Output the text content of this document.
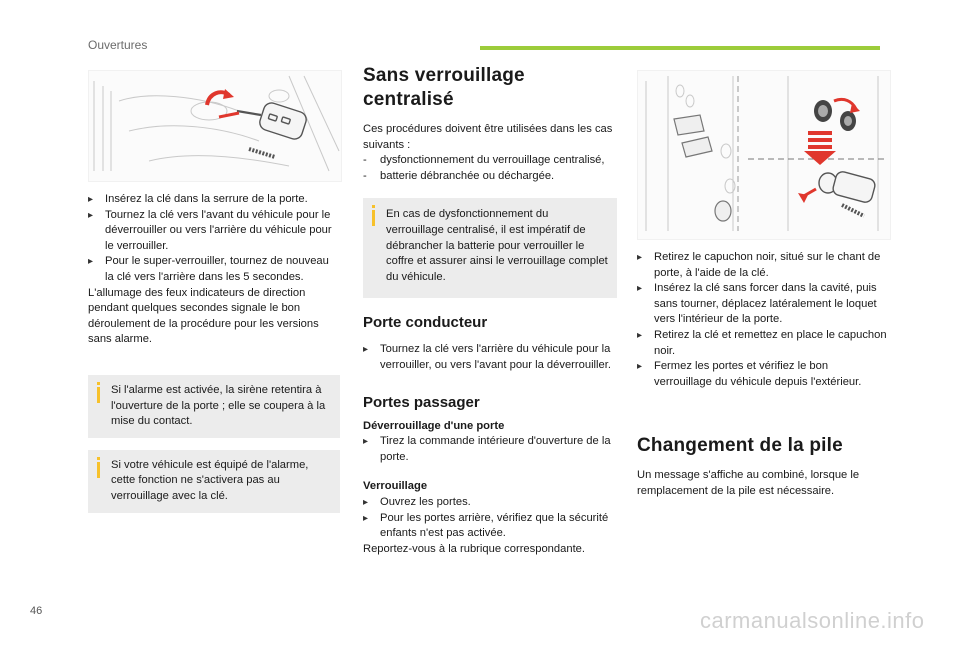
Ouvertures
▸ Insérez la clé dans la serrure de la porte.
▸ Tournez la clé vers l'avant du véhicule pour le déverrouiller ou vers l'arrière du véhicule pour le verrouiller.
▸ Pour le super-verrouiller, tournez de nouveau la clé vers l'arrière dans les 5 secondes.

L'allumage des feux indicateurs de direction pendant quelques secondes signale le bon déroulement de la procédure pour les versions sans alarme.

Si l'alarme est activée, la sirène retentira à l'ouverture de la porte ; elle se coupera à la mise du contact.
Si votre véhicule est équipé de l'alarme, cette fonction ne s'activera pas au verrouillage avec la clé.
Sans verrouillage centralisé

Ces procédures doivent être utilisées dans les cas suivants :

- dysfonctionnement du verrouillage centralisé,
- batterie débranchée ou déchargée.
En cas de dysfonctionnement du verrouillage centralisé, il est impératif de débrancher la batterie pour verrouiller le coffre et assurer ainsi le verrouillage complet du véhicule.
Porte conducteur
▸ Tournez la clé vers l'arrière du véhicule pour la verrouiller, ou vers l'avant pour la déverrouiller.
Portes passager

Déverrouillage d'une porte

▸ Tirez la commande intérieure d'ouverture de la porte.

Verrouillage

▸ Ouvrez les portes.
▸ Pour les portes arrière, vérifiez que la sécurité enfants n'est pas activée.

Reportez-vous à la rubrique correspondante.

▸ Retirez le capuchon noir, situé sur le chant de porte, à l'aide de la clé.
▸ Insérez la clé sans forcer dans la cavité, puis sans tourner, déplacez latéralement le loquet vers l'intérieur de la porte.
▸ Retirez la clé et remettez en place le capuchon noir.
▸ Fermez les portes et vérifiez le bon verrouillage du véhicule depuis l'extérieur.
Changement de la pile

Un message s'affiche au combiné, lorsque le remplacement de la pile est nécessaire.

46	carmanualsonline.info
